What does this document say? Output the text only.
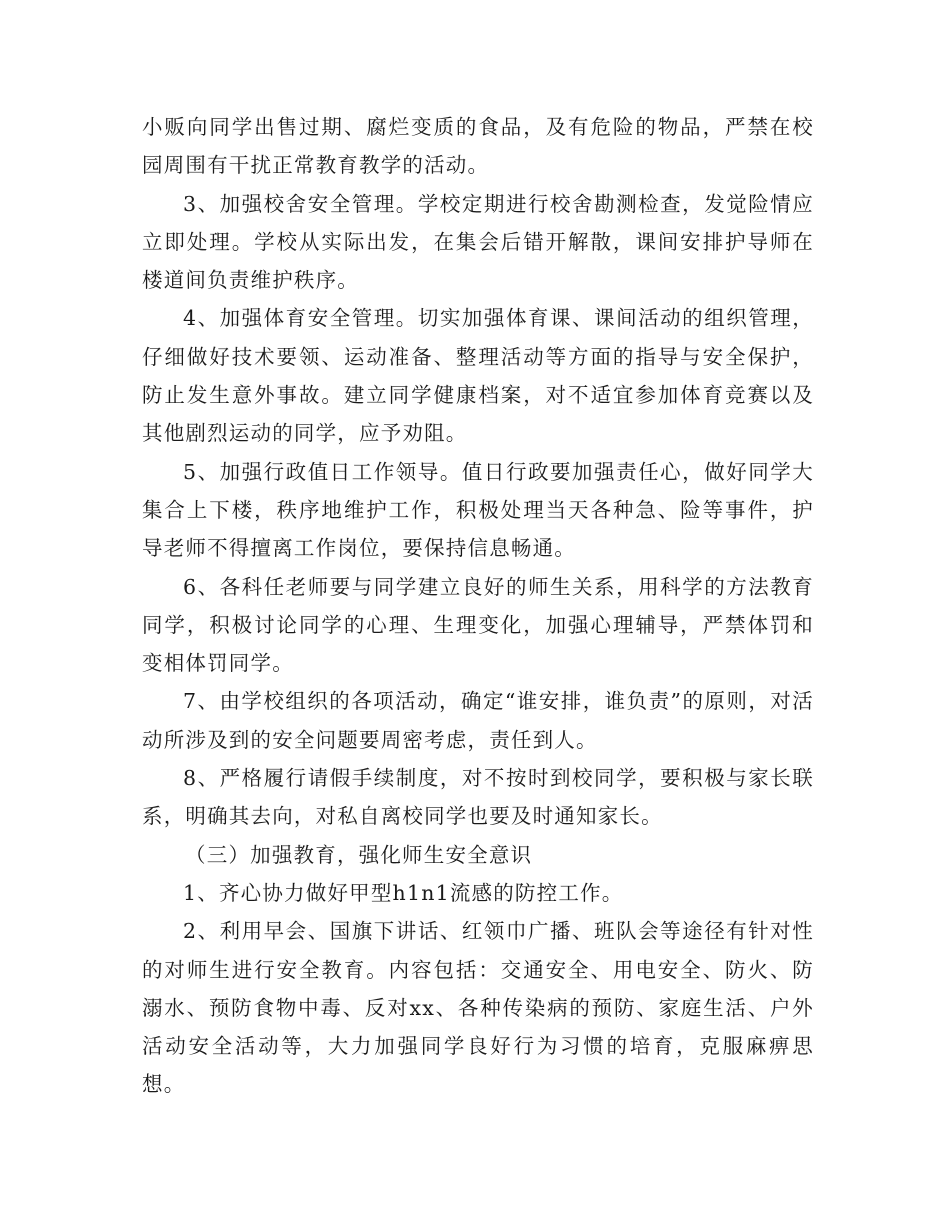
小贩向同学出售过期、腐烂变质的食品，及有危险的物品，严禁在校园周围有干扰正常教育教学的活动。

3、加强校舍安全管理。学校定期进行校舍勘测检查，发觉险情应立即处理。学校从实际出发，在集会后错开解散，课间安排护导师在楼道间负责维护秩序。

4、加强体育安全管理。切实加强体育课、课间活动的组织管理，仔细做好技术要领、运动准备、整理活动等方面的指导与安全保护，防止发生意外事故。建立同学健康档案，对不适宜参加体育竞赛以及其他剧烈运动的同学，应予劝阻。

5、加强行政值日工作领导。值日行政要加强责任心，做好同学大集合上下楼，秩序地维护工作，积极处理当天各种急、险等事件，护导老师不得擅离工作岗位，要保持信息畅通。

6、各科任老师要与同学建立良好的师生关系，用科学的方法教育同学，积极讨论同学的心理、生理变化，加强心理辅导，严禁体罚和变相体罚同学。

7、由学校组织的各项活动，确定“谁安排，谁负责”的原则，对活动所涉及到的安全问题要周密考虑，责任到人。

8、严格履行请假手续制度，对不按时到校同学，要积极与家长联系，明确其去向，对私自离校同学也要及时通知家长。

（三）加强教育，强化师生安全意识

1、齐心协力做好甲型h1n1流感的防控工作。

2、利用早会、国旗下讲话、红领巾广播、班队会等途径有针对性的对师生进行安全教育。内容包括：交通安全、用电安全、防火、防溺水、预防食物中毒、反对xx、各种传染病的预防、家庭生活、户外活动安全活动等，大力加强同学良好行为习惯的培育，克服麻痹思想。
